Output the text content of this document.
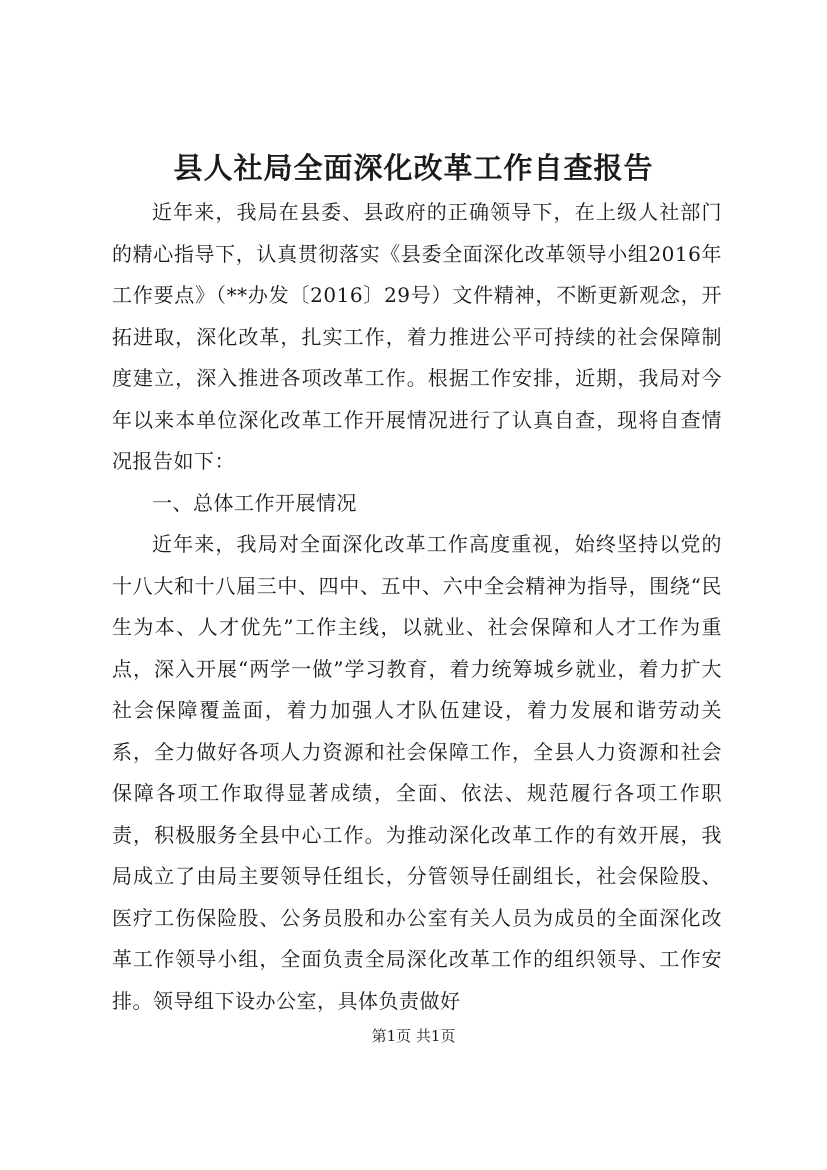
县人社局全面深化改革工作自查报告

近年来，我局在县委、县政府的正确领导下，在上级人社部门的精心指导下，认真贯彻落实《县委全面深化改革领导小组2016年工作要点》（**办发〔2016〕29号）文件精神，不断更新观念，开拓进取，深化改革，扎实工作，着力推进公平可持续的社会保障制度建立，深入推进各项改革工作。根据工作安排，近期，我局对今年以来本单位深化改革工作开展情况进行了认真自查，现将自查情况报告如下：

一、总体工作开展情况

近年来，我局对全面深化改革工作高度重视，始终坚持以党的十八大和十八届三中、四中、五中、六中全会精神为指导，围绕“民生为本、人才优先”工作主线，以就业、社会保障和人才工作为重点，深入开展“两学一做”学习教育，着力统筹城乡就业，着力扩大社会保障覆盖面，着力加强人才队伍建设，着力发展和谐劳动关系，全力做好各项人力资源和社会保障工作，全县人力资源和社会保障各项工作取得显著成绩，全面、依法、规范履行各项工作职责，积极服务全县中心工作。为推动深化改革工作的有效开展，我局成立了由局主要领导任组长，分管领导任副组长，社会保险股、医疗工伤保险股、公务员股和办公室有关人员为成员的全面深化改革工作领导小组，全面负责全局深化改革工作的组织领导、工作安排。领导组下设办公室，具体负责做好

第1页 共1页
